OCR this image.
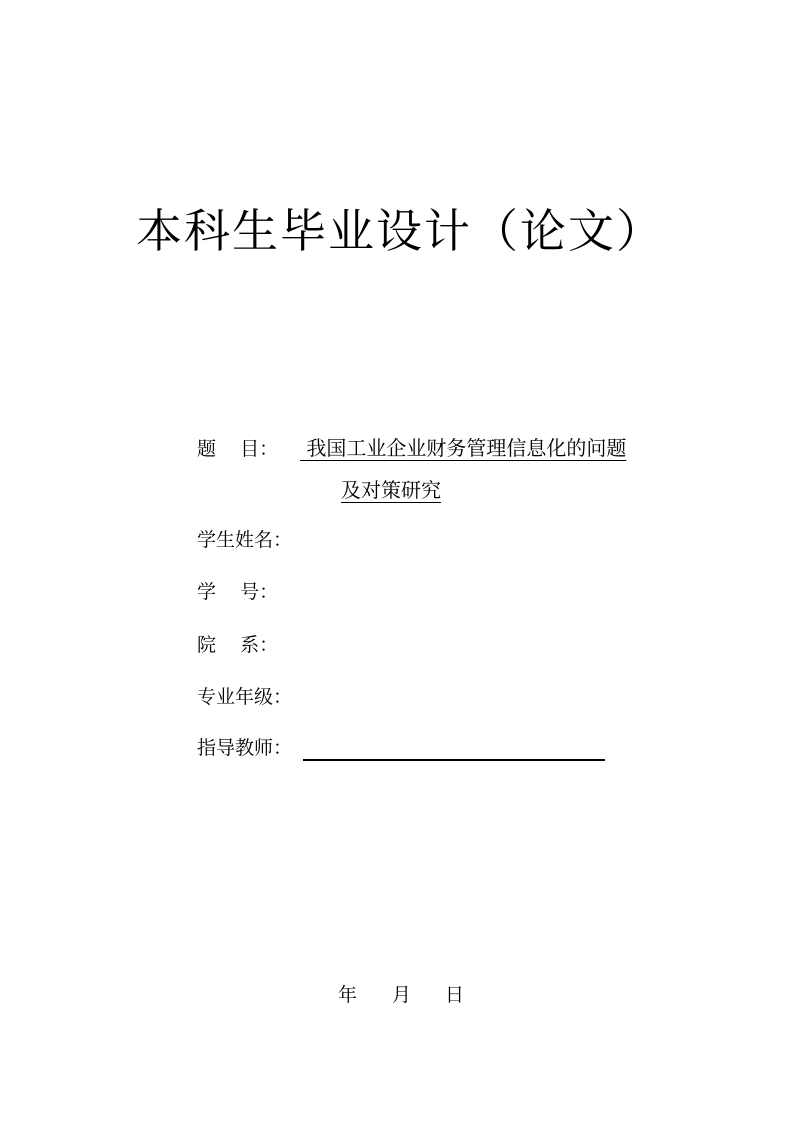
本科生毕业设计（论文）
题    目： 我国工业企业财务管理信息化的问题
及对策研究
学生姓名：
学    号：
院    系：
专业年级：
指导教师：
年 月 日
